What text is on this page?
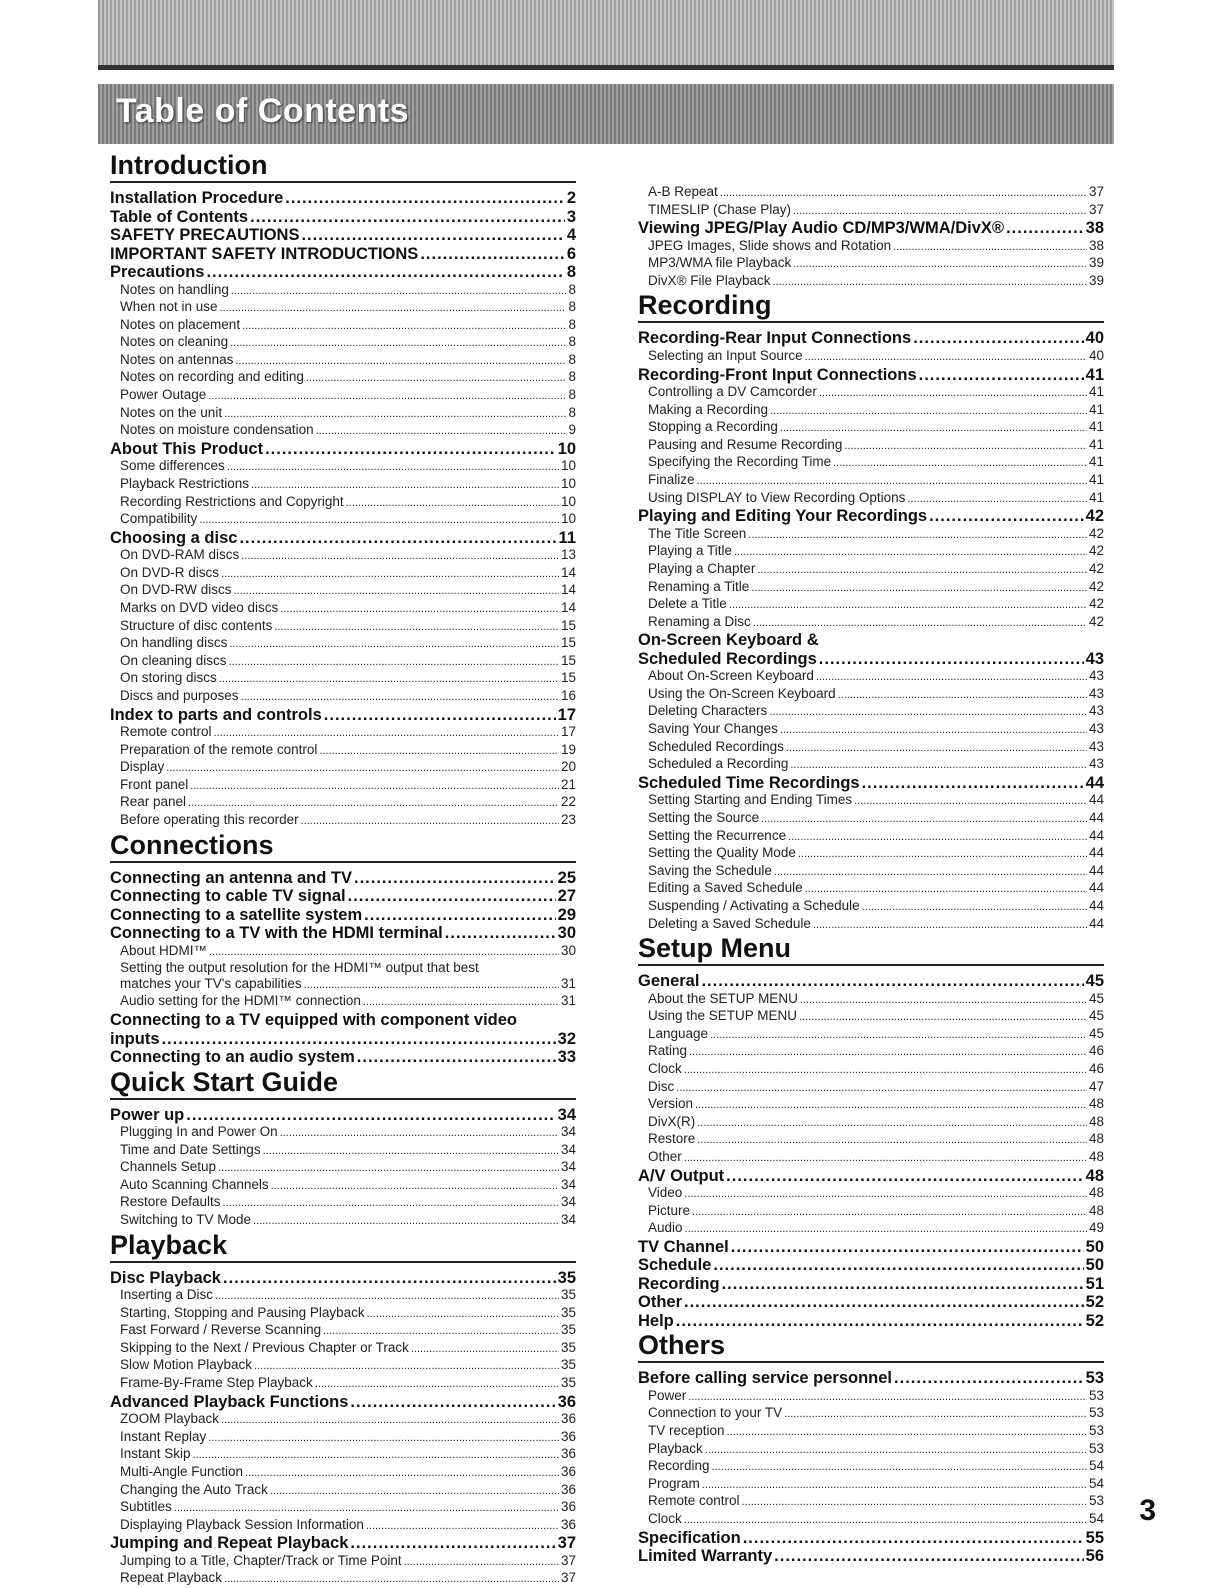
Table of Contents
Introduction
Installation Procedure .....	2
Table of Contents .....	3
SAFETY PRECAUTIONS .....	4
IMPORTANT SAFETY INTRODUCTIONS .....	6
Precautions .....	8
Notes on handling .....	8
When not in use .....	8
Notes on placement .....	8
Notes on cleaning .....	8
Notes on antennas .....	8
Notes on recording and editing .....	8
Power Outage .....	8
Notes on the unit .....	8
Notes on moisture condensation .....	9
About This Product .....	10
Some differences .....	10
Playback Restrictions .....	10
Recording Restrictions and Copyright .....	10
Compatibility .....	10
Choosing a disc .....	11
On DVD-RAM discs .....	13
On DVD-R discs .....	14
On DVD-RW discs .....	14
Marks on DVD video discs .....	14
Structure of disc contents .....	15
On handling discs .....	15
On cleaning discs .....	15
On storing discs .....	15
Discs and purposes .....	16
Index to parts and controls .....	17
Remote control .....	17
Preparation of the remote control .....	19
Display .....	20
Front panel .....	21
Rear panel .....	22
Before operating this recorder .....	23
Connections
Connecting an antenna and TV .....	25
Connecting to cable TV signal .....	27
Connecting to a satellite system .....	29
Connecting to a TV with the HDMI terminal .....	30
About HDMI™ .....	30
Setting the output resolution for the HDMI™ output that best
matches your TV's capabilities .....	31
Audio setting for the HDMI™ connection .....	31
Connecting to a TV equipped with component video
inputs .....	32
Connecting to an audio system .....	33
Quick Start Guide
Power up .....	34
Plugging In and Power On .....	34
Time and Date Settings .....	34
Channels Setup .....	34
Auto Scanning Channels .....	34
Restore Defaults .....	34
Switching to TV Mode .....	34
Playback
Disc Playback .....	35
Inserting a Disc .....	35
Starting, Stopping and Pausing Playback .....	35
Fast Forward / Reverse Scanning .....	35
Skipping to the Next / Previous Chapter or Track .....	35
Slow Motion Playback .....	35
Frame-By-Frame Step Playback .....	35
Advanced Playback Functions .....	36
ZOOM Playback .....	36
Instant Replay .....	36
Instant Skip .....	36
Multi-Angle Function .....	36
Changing the Auto Track .....	36
Subtitles .....	36
Displaying Playback Session Information .....	36
Jumping and Repeat Playback .....	37
Jumping to a Title, Chapter/Track or Time Point .....	37
Repeat Playback .....	37
A-B Repeat .....	37
TIMESLIP (Chase Play) .....	37
Viewing JPEG/Play Audio CD/MP3/WMA/DivX® .....	38
JPEG Images, Slide shows and Rotation .....	38
MP3/WMA file Playback .....	39
DivX® File Playback .....	39
Recording
Recording-Rear Input Connections .....	40
Selecting an Input Source .....	40
Recording-Front Input Connections .....	41
Controlling a DV Camcorder .....	41
Making a Recording .....	41
Stopping a Recording .....	41
Pausing and Resume Recording .....	41
Specifying the Recording Time .....	41
Finalize .....	41
Using DISPLAY to View Recording Options .....	41
Playing and Editing Your Recordings .....	42
The Title Screen .....	42
Playing a Title .....	42
Playing a Chapter .....	42
Renaming a Title .....	42
Delete a Title .....	42
Renaming a Disc .....	42
On-Screen Keyboard &
Scheduled Recordings .....	43
About On-Screen Keyboard .....	43
Using the On-Screen Keyboard .....	43
Deleting Characters .....	43
Saving Your Changes .....	43
Scheduled Recordings .....	43
Scheduled a Recording .....	43
Scheduled Time Recordings .....	44
Setting Starting and Ending Times .....	44
Setting the Source .....	44
Setting the Recurrence .....	44
Setting the Quality Mode .....	44
Saving the Schedule .....	44
Editing a Saved Schedule .....	44
Suspending / Activating a Schedule .....	44
Deleting a Saved Schedule .....	44
Setup Menu
General .....	45
About the SETUP MENU .....	45
Using the SETUP MENU .....	45
Language .....	45
Rating .....	46
Clock .....	46
Disc .....	47
Version .....	48
DivX(R) .....	48
Restore .....	48
Other .....	48
A/V Output .....	48
Video .....	48
Picture .....	48
Audio .....	49
TV Channel .....	50
Schedule .....	50
Recording .....	51
Other .....	52
Help .....	52
Others
Before calling service personnel .....	53
Power .....	53
Connection to your TV .....	53
TV reception .....	53
Playback .....	53
Recording .....	54
Program .....	54
Remote control .....	53
Clock .....	54
Specification .....	55
Limited Warranty .....	56
3
